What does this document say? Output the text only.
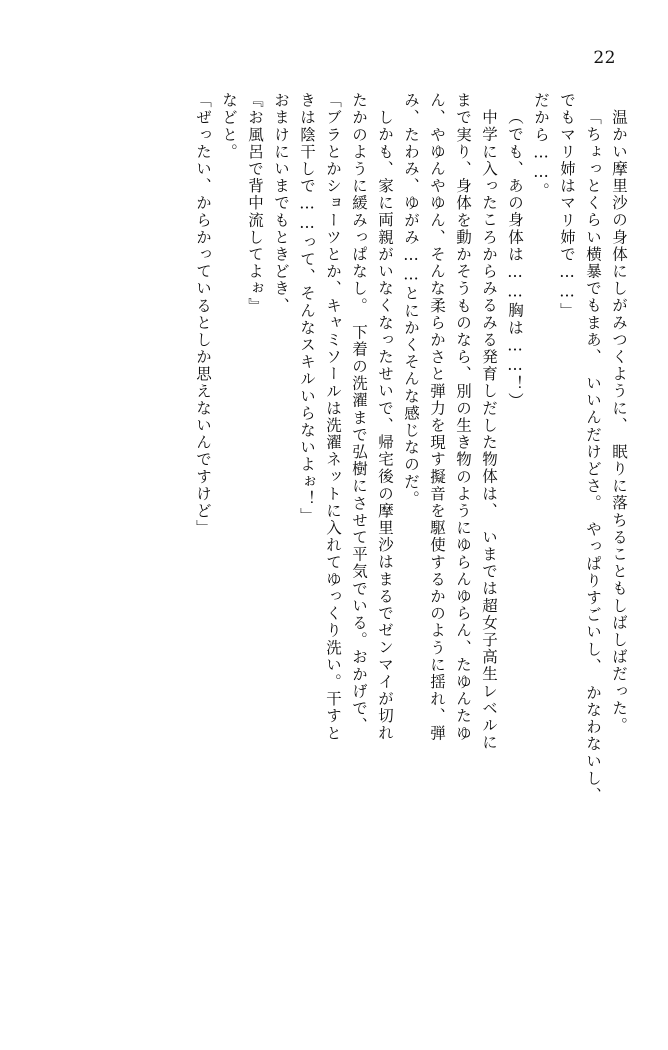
22
温かい摩里沙の身体にしがみつくように、　眠りに落ちることもしばしばだった。
「ちょっとくらい横暴でもまあ、　いいんだけどさ。　やっぱりすごいし、　かなわないし、
でもマリ姉はマリ姉で……」
だから……。
（でも、あの身体は……胸は……！）
中学に入ったころからみるみる発育しだした物体は、　いまでは超女子高生レベルに
まで実り、身体を動かそうものなら、別の生き物のようにゆらんゆらん、たゆんたゆ
ん、やゆんやゆん、そんな柔らかさと弾力を現す擬音を駆使するかのように揺れ、弾
み、たわみ、ゆがみ……とにかくそんな感じなのだ。
しかも、家に両親がいなくなったせいで、帰宅後の摩里沙はまるでゼンマイが切れ
たかのように緩みっぱなし。　下着の洗濯まで弘樹にさせて平気でいる。おかげで、
「ブラとかショーツとか、キャミソールは洗濯ネットに入れてゆっくり洗い。干すと
きは陰干しで……って、そんなスキルいらないよぉ！」
おまけにいまでもときどき、
『お風呂で背中流してよぉ』
などと。
「ぜったい、からかっているとしか思えないんですけど」
